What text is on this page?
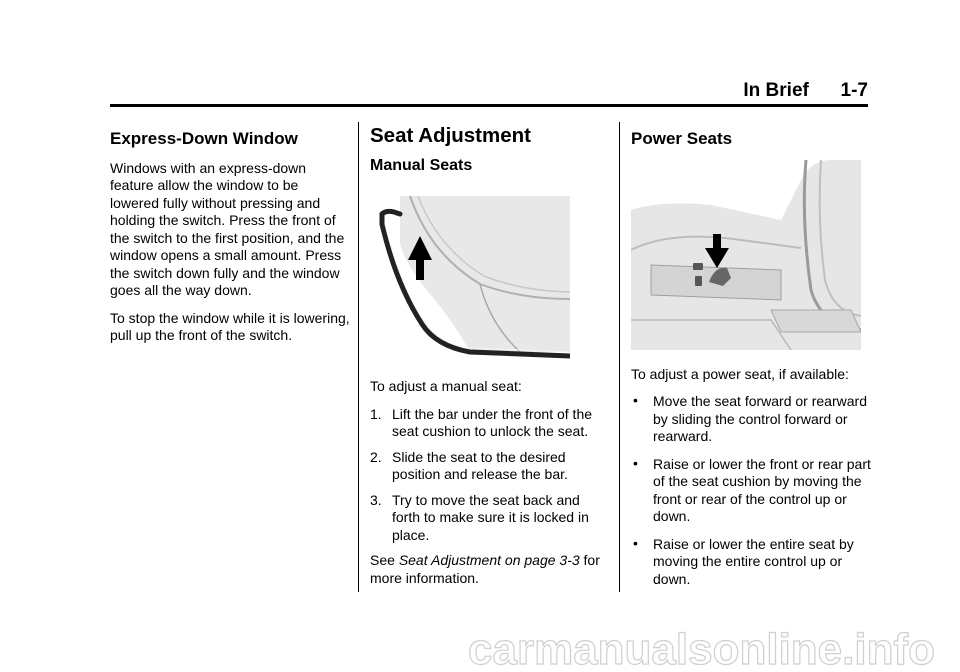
In Brief 1-7
Express-Down Window

Windows with an express-down feature allow the window to be lowered fully without pressing and holding the switch. Press the front of the switch to the first position, and the window opens a small amount. Press the switch down fully and the window goes all the way down.

To stop the window while it is lowering, pull up the front of the switch.

Seat Adjustment
Manual Seats

To adjust a manual seat:

1. Lift the bar under the front of the seat cushion to unlock the seat.
2. Slide the seat to the desired position and release the bar.
3. Try to move the seat back and forth to make sure it is locked in place.

See Seat Adjustment on page 3-3 for more information.

Power Seats

To adjust a power seat, if available:

• Move the seat forward or rearward by sliding the control forward or rearward.
• Raise or lower the front or rear part of the seat cushion by moving the front or rear of the control up or down.
• Raise or lower the entire seat by moving the entire control up or down.
carmanualsonline.info
